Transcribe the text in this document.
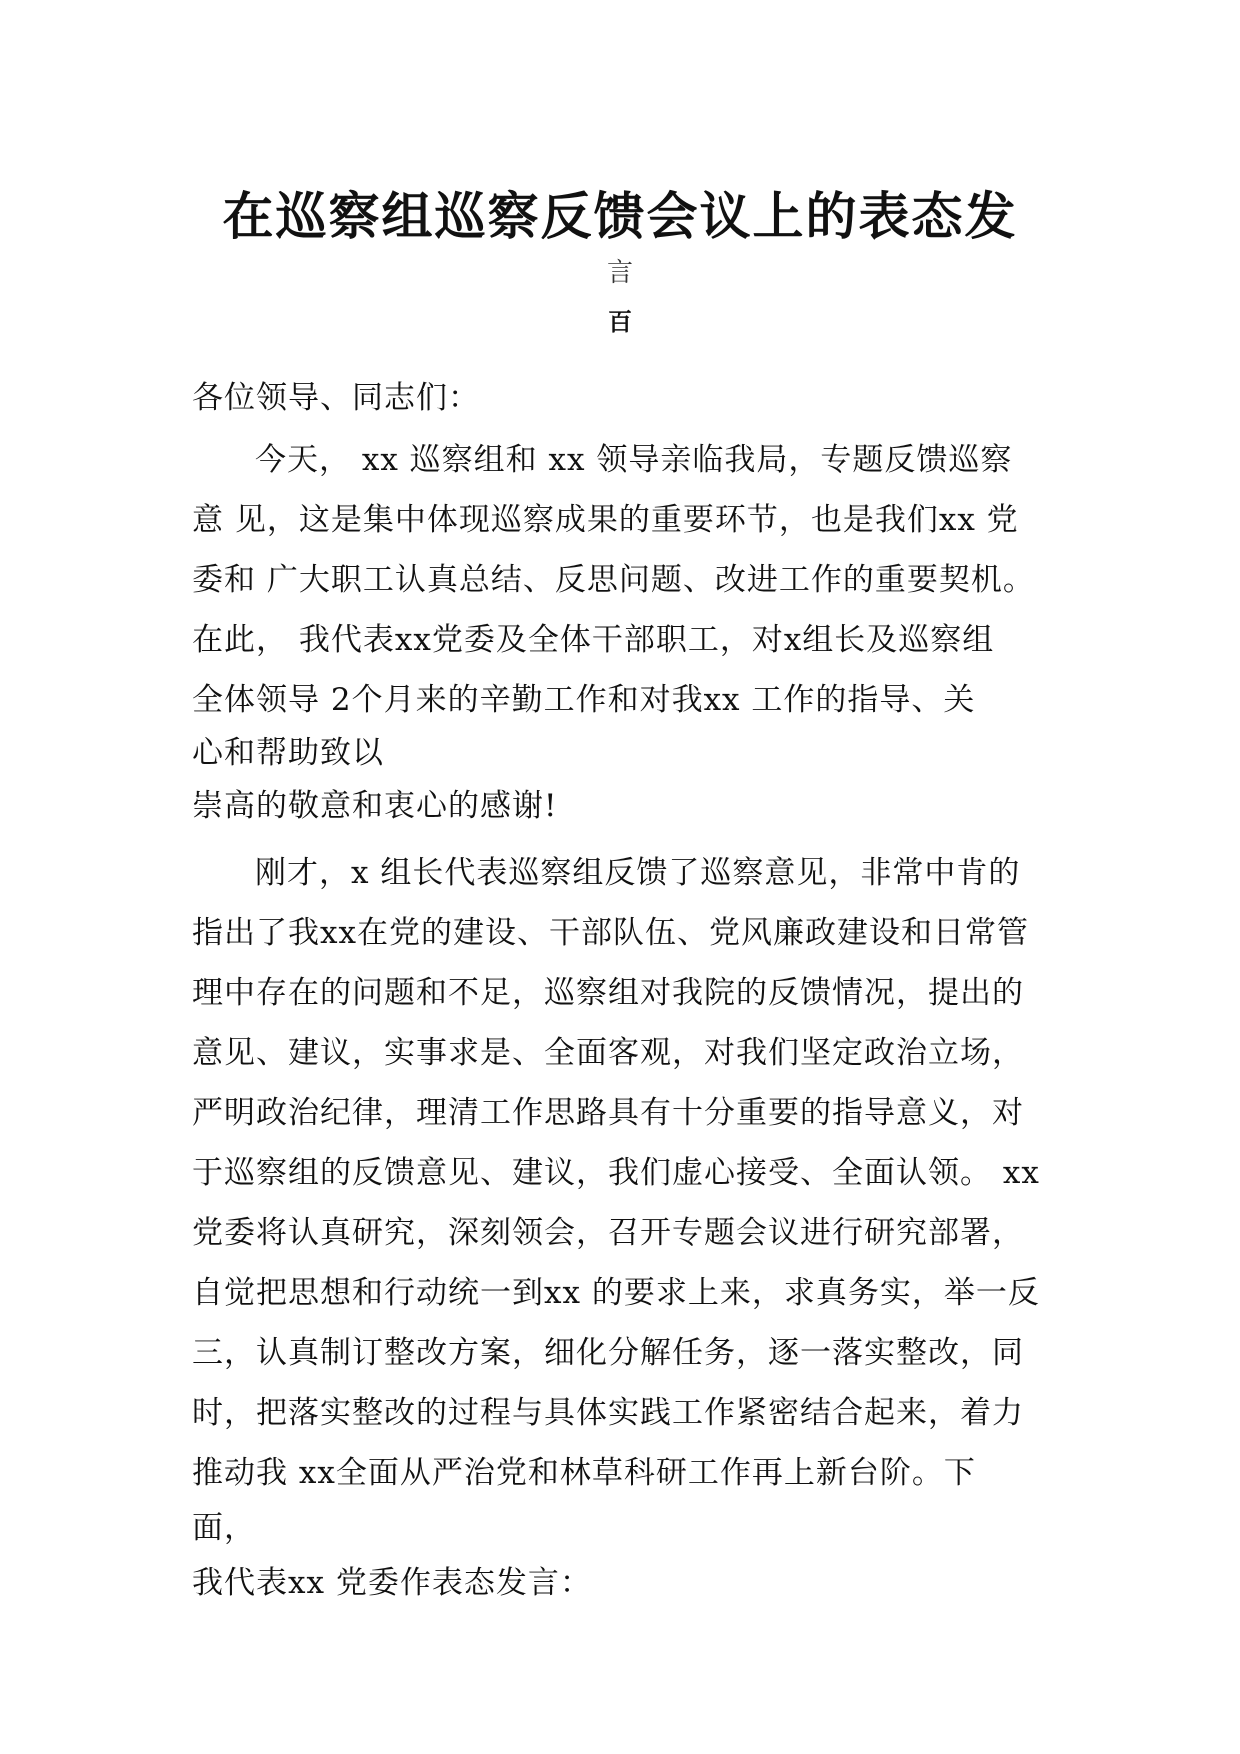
在巡察组巡察反馈会议上的表态发
言
百
各位领导、同志们：
今天， xx 巡察组和 xx 领导亲临我局，专题反馈巡察
意 见，这是集中体现巡察成果的重要环节，也是我们xx 党
委和 广大职工认真总结、反思问题、改进工作的重要契机。
在此， 我代表xx党委及全体干部职工，对x组长及巡察组
全体领导 2个月来的辛勤工作和对我xx 工作的指导、关
心和帮助致以
崇高的敬意和衷心的感谢!
刚才，x 组长代表巡察组反馈了巡察意见，非常中肯的
指出了我xx在党的建设、干部队伍、党风廉政建设和日常管
理中存在的问题和不足，巡察组对我院的反馈情况，提出的
意见、建议，实事求是、全面客观，对我们坚定政治立场，
严明政治纪律，理清工作思路具有十分重要的指导意义，对
于巡察组的反馈意见、建议，我们虚心接受、全面认领。 xx
党委将认真研究，深刻领会，召开专题会议进行研究部署，
自觉把思想和行动统一到xx 的要求上来，求真务实，举一反
三，认真制订整改方案，细化分解任务，逐一落实整改，同
时，把落实整改的过程与具体实践工作紧密结合起来，着力
推动我 xx全面从严治党和林草科研工作再上新台阶。下
面，
我代表xx 党委作表态发言：
